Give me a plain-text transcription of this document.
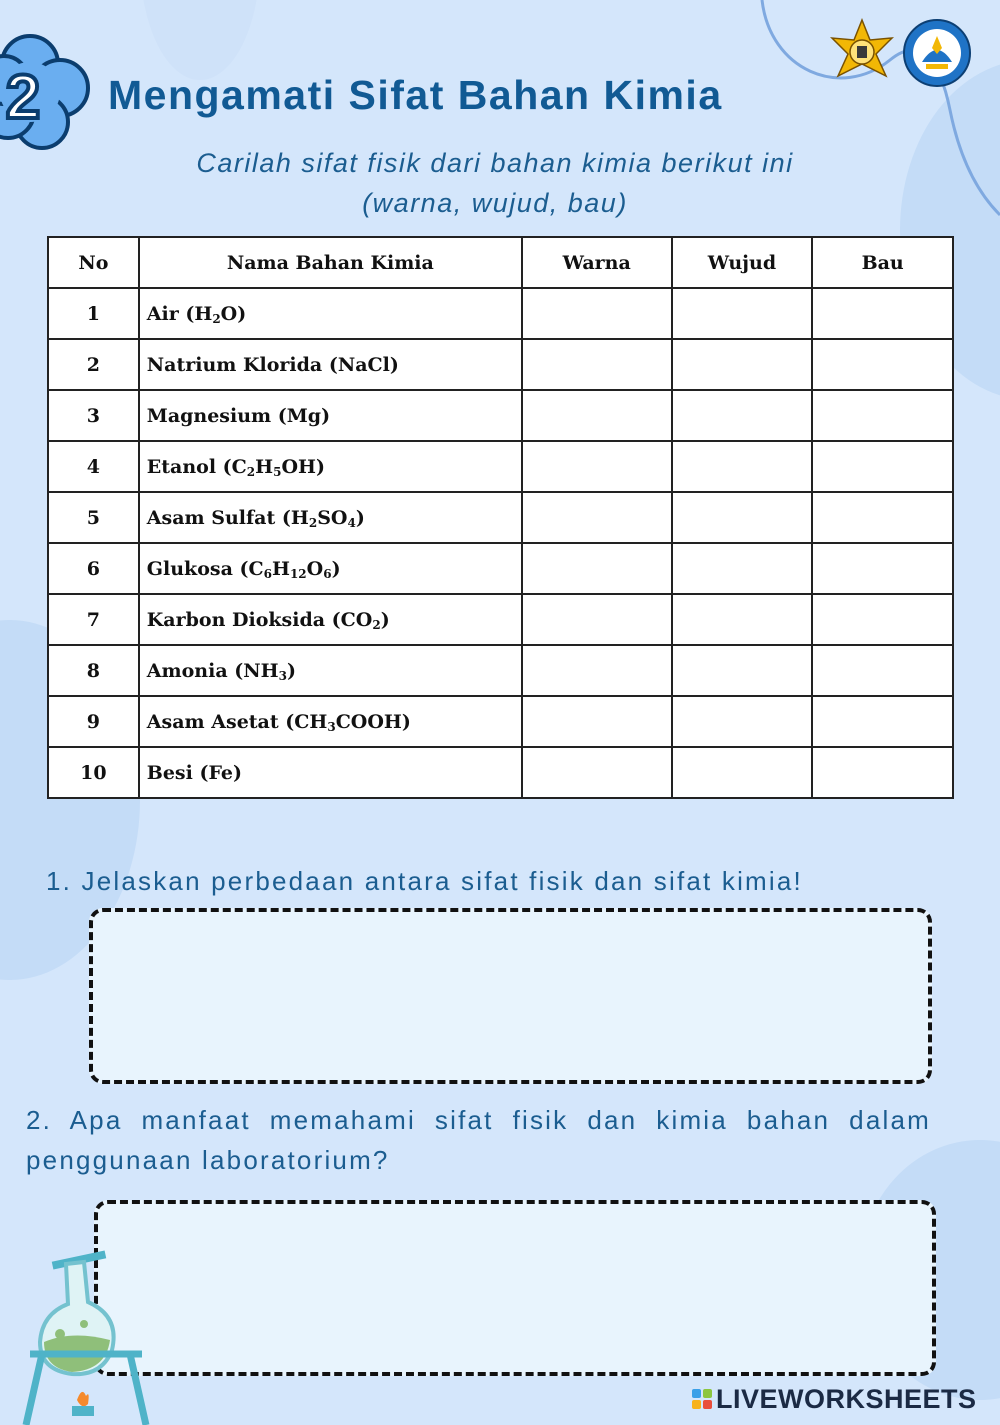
2 Mengamati Sifat Bahan Kimia
Carilah sifat fisik dari bahan kimia berikut ini
(warna, wujud, bau)
No	Nama Bahan Kimia	Warna	Wujud	Bau
1	Air $(H_2O)$			
2	Natrium Klorida (NaCl)			
3	Magnesium (Mg)			
4	Etanol $(C_2H_5OH)$			
5	Asam Sulfat $(H_2SO_4)$			
6	Glukosa $(C_6H_{12}O_6)$			
7	Karbon Dioksida $(CO_2)$			
8	Amonia $(NH_3)$			
9	Asam Asetat $(CH_3COOH)$			
10	Besi (Fe)			

1. Jelaskan perbedaan antara sifat fisik dan sifat kimia!

2. Apa manfaat memahami sifat fisik dan kimia bahan dalam penggunaan laboratorium?

LIVEWORKSHEETS
